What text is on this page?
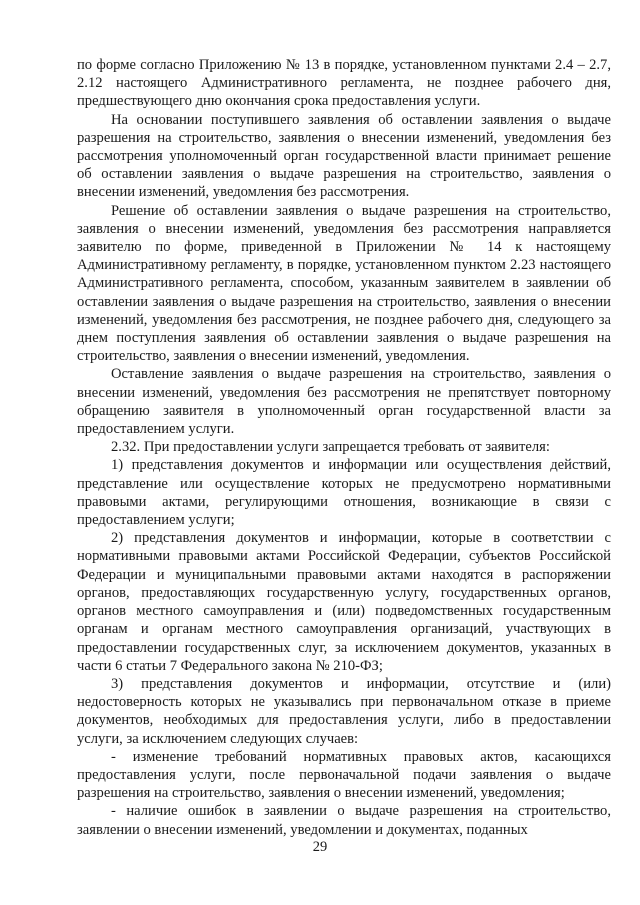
по форме согласно Приложению № 13 в порядке, установленном пунктами 2.4 – 2.7, 2.12 настоящего Административного регламента, не позднее рабочего дня, предшествующего дню окончания срока предоставления услуги.

На основании поступившего заявления об оставлении заявления о выдаче разрешения на строительство, заявления о внесении изменений, уведомления без рассмотрения уполномоченный орган государственной власти принимает решение об оставлении заявления о выдаче разрешения на строительство, заявления о внесении изменений, уведомления без рассмотрения.

Решение об оставлении заявления о выдаче разрешения на строительство, заявления о внесении изменений, уведомления без рассмотрения направляется заявителю по форме, приведенной в Приложении № 14 к настоящему Административному регламенту, в порядке, установленном пунктом 2.23 настоящего Административного регламента, способом, указанным заявителем в заявлении об оставлении заявления о выдаче разрешения на строительство, заявления о внесении изменений, уведомления без рассмотрения, не позднее рабочего дня, следующего за днем поступления заявления об оставлении заявления о выдаче разрешения на строительство, заявления о внесении изменений, уведомления.

Оставление заявления о выдаче разрешения на строительство, заявления о внесении изменений, уведомления без рассмотрения не препятствует повторному обращению заявителя в уполномоченный орган государственной власти за предоставлением услуги.

2.32. При предоставлении услуги запрещается требовать от заявителя:

1) представления документов и информации или осуществления действий, представление или осуществление которых не предусмотрено нормативными правовыми актами, регулирующими отношения, возникающие в связи с предоставлением услуги;

2) представления документов и информации, которые в соответствии с нормативными правовыми актами Российской Федерации, субъектов Российской Федерации и муниципальными правовыми актами находятся в распоряжении органов, предоставляющих государственную услугу, государственных органов, органов местного самоуправления и (или) подведомственных государственным органам и органам местного самоуправления организаций, участвующих в предоставлении государственных слуг, за исключением документов, указанных в части 6 статьи 7 Федерального закона № 210-ФЗ;

3) представления документов и информации, отсутствие и (или) недостоверность которых не указывались при первоначальном отказе в приеме документов, необходимых для предоставления услуги, либо в предоставлении услуги, за исключением следующих случаев:

- изменение требований нормативных правовых актов, касающихся предоставления услуги, после первоначальной подачи заявления о выдаче разрешения на строительство, заявления о внесении изменений, уведомления;

- наличие ошибок в заявлении о выдаче разрешения на строительство, заявлении о внесении изменений, уведомлении и документах, поданных

29
